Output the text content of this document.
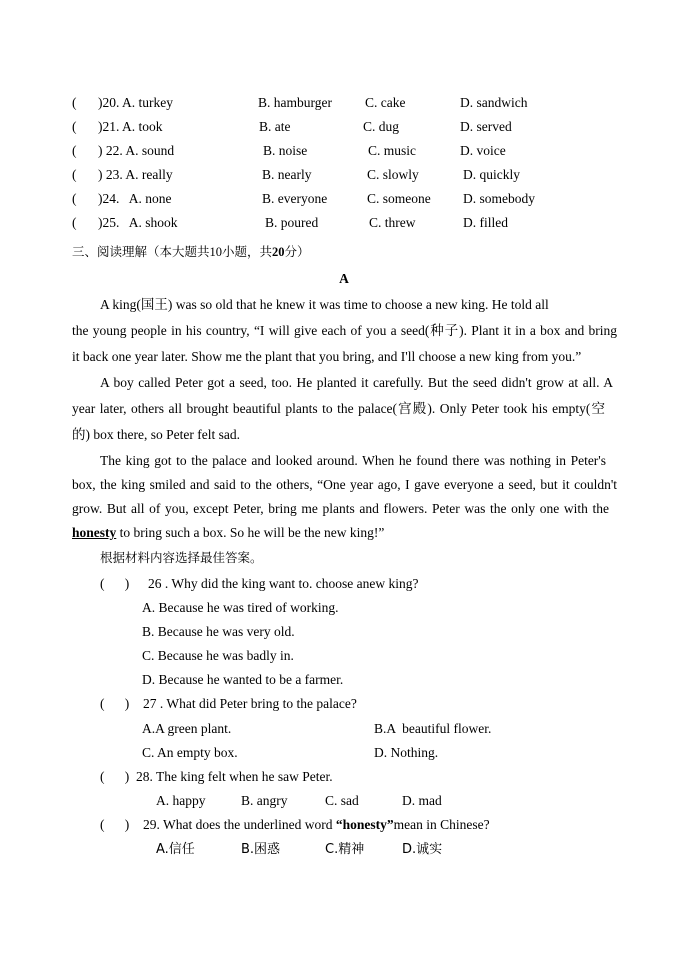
( )20. A. turkey	B. hamburger C. cake	D. sandwich
( )21. A. took	B. ate	C. dug	D. served
( ) 22. A. sound	B. noise	C. music	D. voice
( ) 23. A. really	B. nearly	C. slowly	D. quickly
( )24.   A. none	B. everyone	C. someone D. somebody
( )25.   A. shook	B. poured	C. threw	D. filled
三、阅读理解（本大题共10小题，共20分）
A
A king(国王) was so old that he knew it was time to choose a new king. He told all
the young people in his country, “I will give each of you a seed(种子). Plant it in a box and bring
it back one year later. Show me the plant that you bring, and I'll choose a new king from you.”
A boy called Peter got a seed, too. He planted it carefully. But the seed didn't grow at all. A
year later, others all brought beautiful plants to the palace(宫殿). Only Peter took his empty(空
的) box there, so Peter felt sad.
The king got to the palace and looked around. When he found there was nothing in Peter's
box, the king smiled and said to the others, “One year ago, I gave everyone a seed, but it couldn't
grow. But all of you, except Peter, bring me plants and flowers. Peter was the only one with the
honesty to bring such a box. So he will be the new king!”
根据材料内容选择最佳答案。
(      ) 26 . Why did the king want to. choose anew king?
A. Because he was tired of working.
B. Because he was very old.
C. Because he was badly in.
D. Because he wanted to be a farmer.
(      ) 27 . What did Peter bring to the palace?
A.A green plant.	B.A  beautiful flower.
C. An empty box.	D. Nothing.
(      ) 28. The king felt when he saw Peter.
A. happy	B. angry	C. sad	D. mad
(      ) 29. What does the underlined word “honesty”mean in Chinese?
A.信任	B.困惑	C.精神	D.诚实
